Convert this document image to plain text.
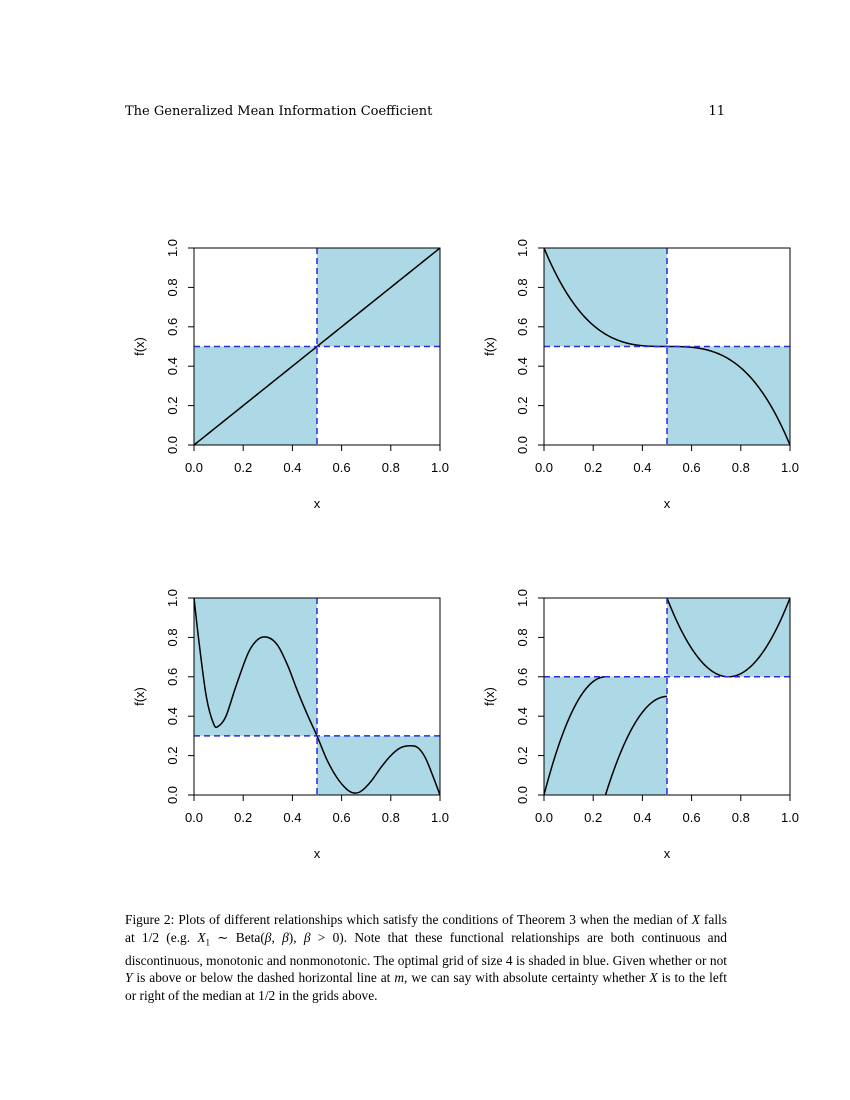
The Generalized Mean Information Coefficient	11
0.0 0.2 0.4 0.6 0.8 1.0
0.0
0.2
0.4
0.6
0.8
1.0
x
f(x)
0.0 0.2 0.4 0.6 0.8 1.0
0.0
0.2
0.4
0.6
0.8
1.0
x
f(x)
0.0 0.2 0.4 0.6 0.8 1.0
0.0
0.2
0.4
0.6
0.8
1.0
x
f(x)
0.0 0.2 0.4 0.6 0.8 1.0
0.0
0.2
0.4
0.6
0.8
1.0
x
f(x)
Figure 2: Plots of different relationships which satisfy the conditions of Theorem 3 when the median of X falls at 1/2 (e.g. $X_1$ ∼ Beta(β, β), β > 0). Note that these functional relationships are both continuous and discontinuous, monotonic and nonmonotonic. The optimal grid of size 4 is shaded in blue. Given whether or not Y is above or below the dashed horizontal line at m, we can say with absolute certainty whether X is to the left or right of the median at 1/2 in the grids above.
